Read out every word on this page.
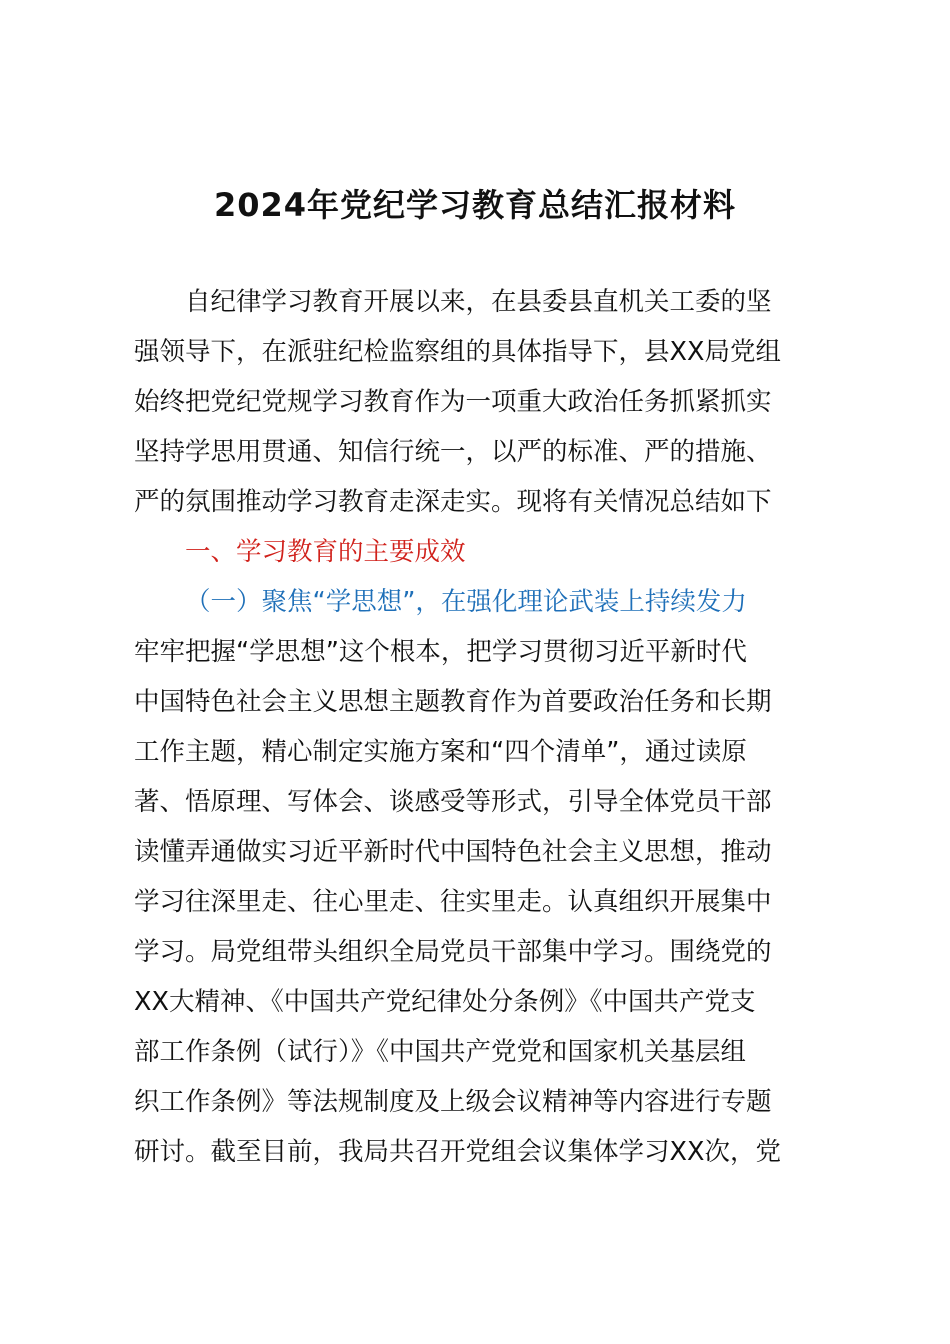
2024年党纪学习教育总结汇报材料
自纪律学习教育开展以来，在县委县直机关工委的坚
强领导下，在派驻纪检监察组的具体指导下，县XX局党组
始终把党纪党规学习教育作为一项重大政治任务抓紧抓实
坚持学思用贯通、知信行统一，以严的标准、严的措施、
严的氛围推动学习教育走深走实。现将有关情况总结如下
一、学习教育的主要成效
（一）聚焦“学思想”，在强化理论武装上持续发力
牢牢把握“学思想”这个根本，把学习贯彻习近平新时代
中国特色社会主义思想主题教育作为首要政治任务和长期
工作主题，精心制定实施方案和“四个清单”，通过读原
著、悟原理、写体会、谈感受等形式，引导全体党员干部
读懂弄通做实习近平新时代中国特色社会主义思想，推动
学习往深里走、往心里走、往实里走。认真组织开展集中
学习。局党组带头组织全局党员干部集中学习。围绕党的
XX大精神、《中国共产党纪律处分条例》《中国共产党支
部工作条例（试行）》《中国共产党党和国家机关基层组
织工作条例》等法规制度及上级会议精神等内容进行专题
研讨。截至目前，我局共召开党组会议集体学习XX次，党
